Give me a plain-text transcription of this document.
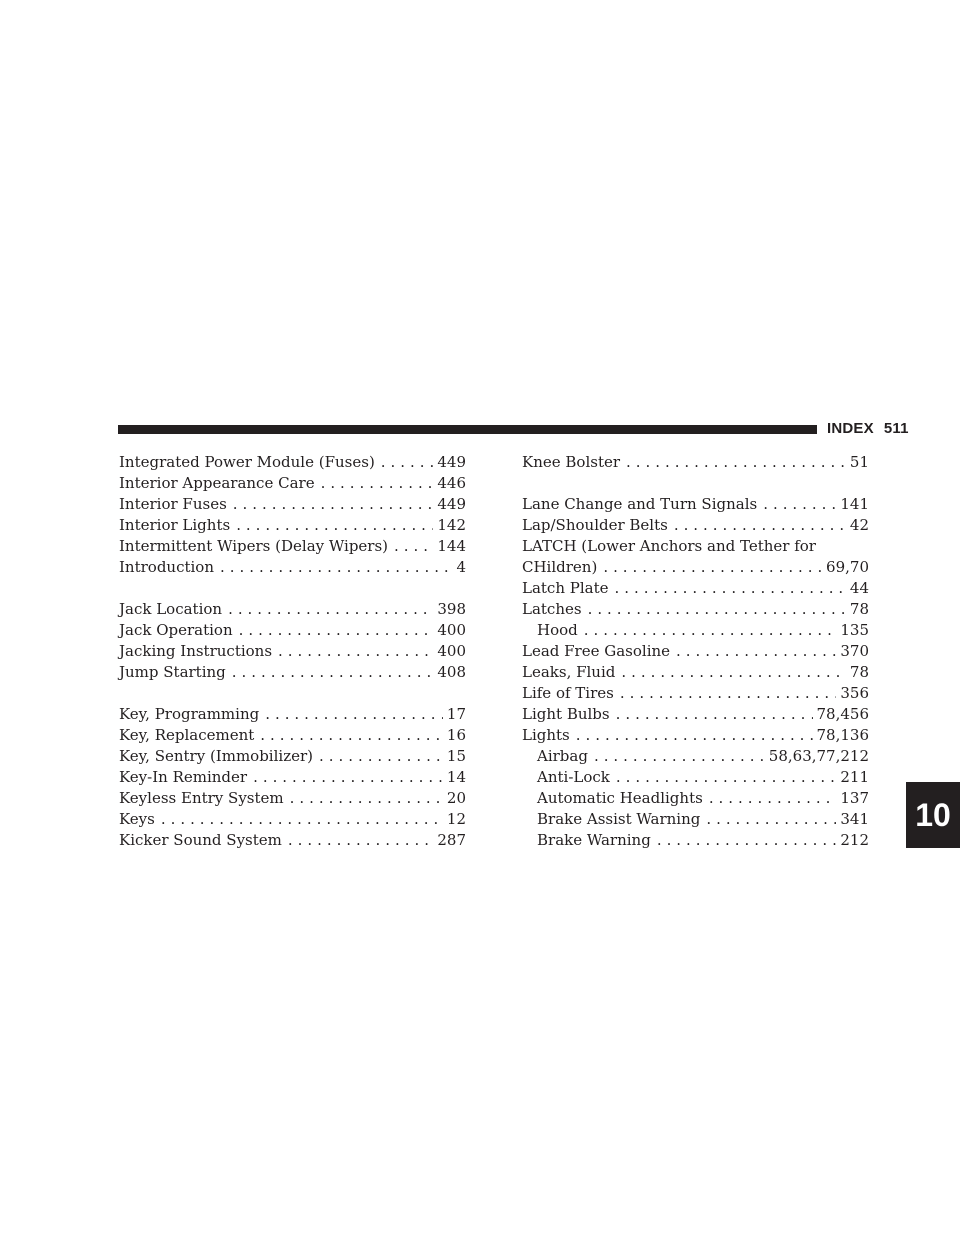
INDEX 511
Integrated Power Module (Fuses) . . .	449
Interior Appearance Care . . .	446
Interior Fuses . . .	449
Interior Lights . . .	142
Intermittent Wipers (Delay Wipers) . . .	144
Introduction . . .	4
Jack Location . . .	398
Jack Operation . . .	400
Jacking Instructions . . .	400
Jump Starting . . .	408
Key, Programming . . .	17
Key, Replacement . . .	16
Key, Sentry (Immobilizer) . . .	15
Key-In Reminder . . .	14
Keyless Entry System . . .	20
Keys . . .	12
Kicker Sound System . . .	287
Knee Bolster . . .	51
Lane Change and Turn Signals . . .	141
Lap/Shoulder Belts . . .	42
LATCH (Lower Anchors and Tether for
CHildren) . . .	69,70
Latch Plate . . .	44
Latches . . .	78
Hood . . .	135
Lead Free Gasoline . . .	370
Leaks, Fluid . . .	78
Life of Tires . . .	356
Light Bulbs . . .	78,456
Lights . . .	78,136
Airbag . . .	58,63,77,212
Anti-Lock . . .	211
Automatic Headlights . . .	137
Brake Assist Warning . . .	341
Brake Warning . . .	212
10
